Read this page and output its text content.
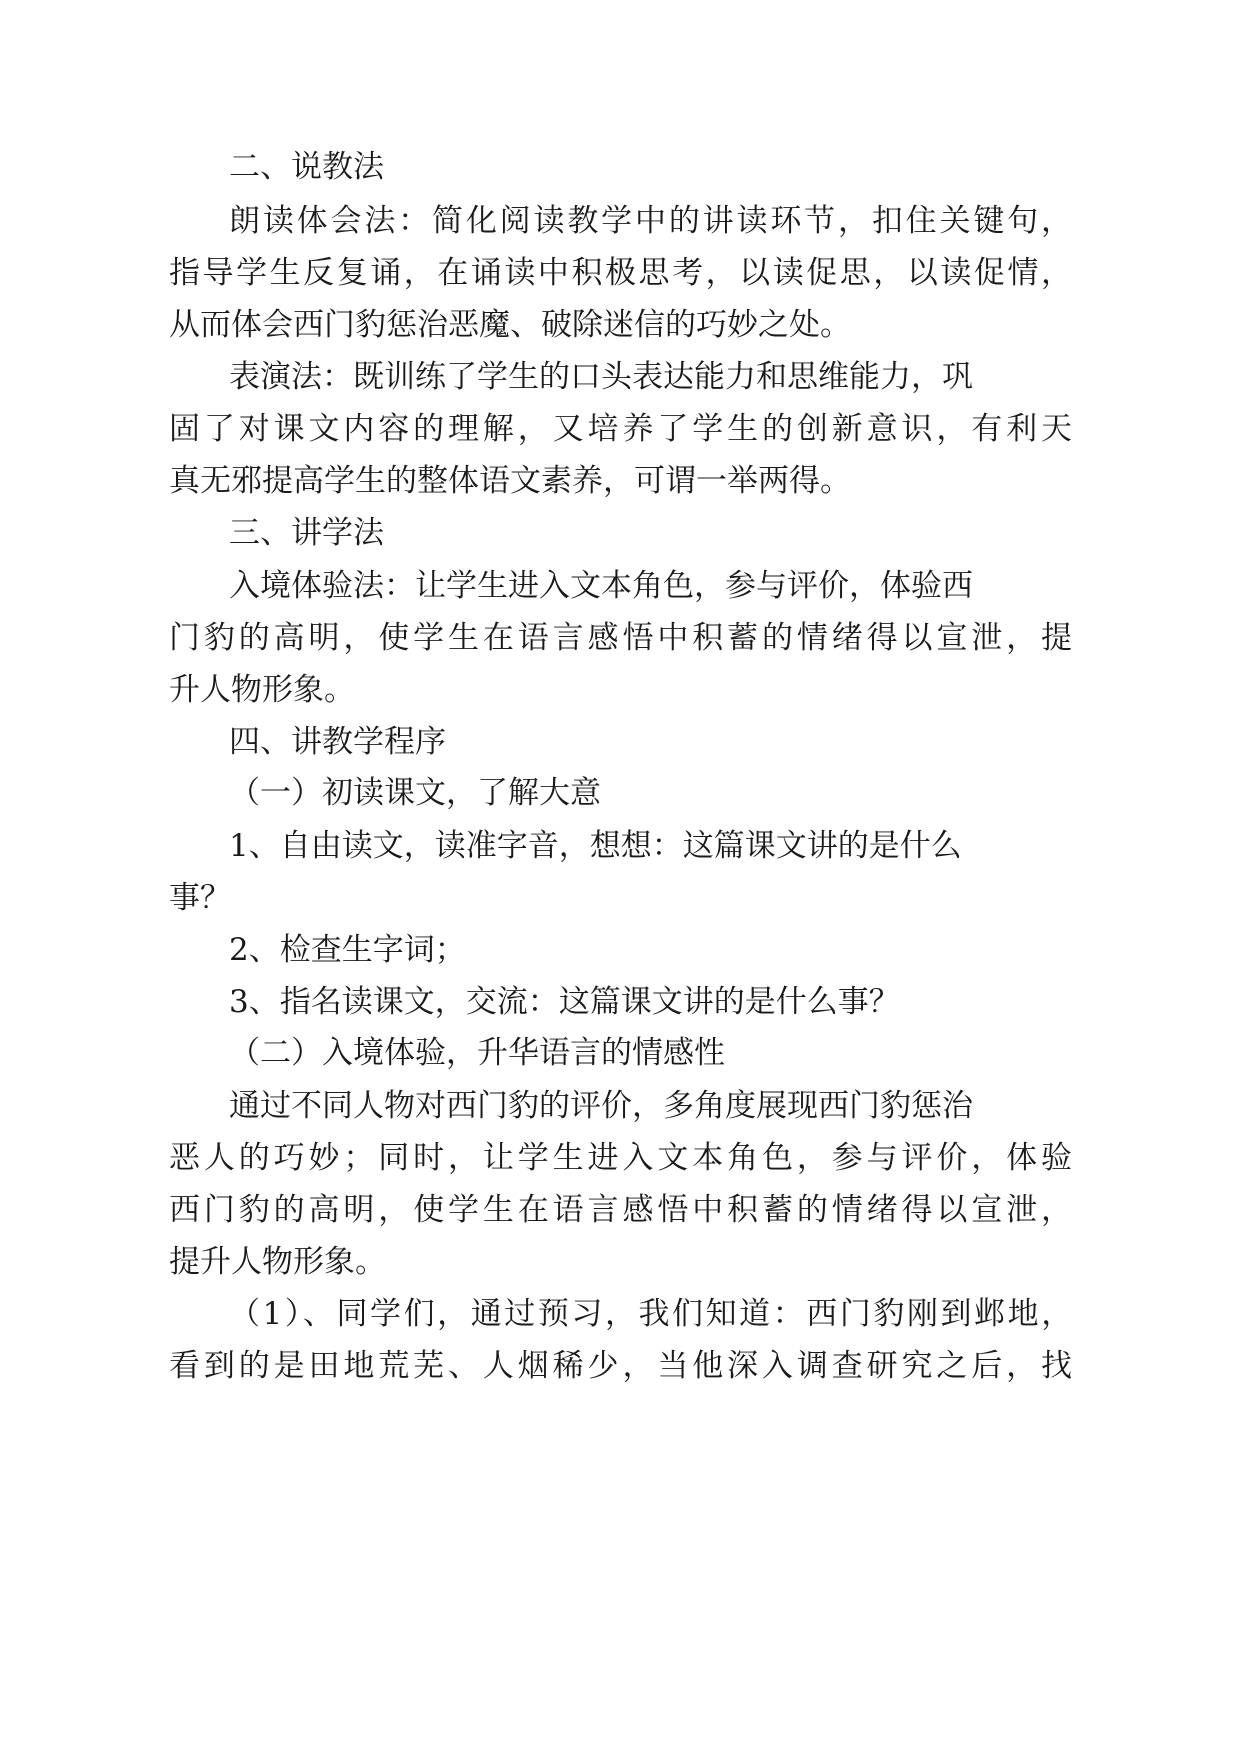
二、说教法
朗读体会法：简化阅读教学中的讲读环节，扣住关键句，
指导学生反复诵，在诵读中积极思考，以读促思，以读促情，
从而体会西门豹惩治恶魔、破除迷信的巧妙之处。
表演法：既训练了学生的口头表达能力和思维能力，巩
固了对课文内容的理解，又培养了学生的创新意识，有利天
真无邪提高学生的整体语文素养，可谓一举两得。
三、讲学法
入境体验法：让学生进入文本角色，参与评价，体验西
门豹的高明，使学生在语言感悟中积蓄的情绪得以宣泄，提
升人物形象。
四、讲教学程序
（一）初读课文，了解大意
1、自由读文，读准字音，想想：这篇课文讲的是什么
事？
2、检查生字词；
3、指名读课文，交流：这篇课文讲的是什么事？
（二）入境体验，升华语言的情感性
通过不同人物对西门豹的评价，多角度展现西门豹惩治
恶人的巧妙；同时，让学生进入文本角色，参与评价，体验
西门豹的高明，使学生在语言感悟中积蓄的情绪得以宣泄，
提升人物形象。
（1）、同学们，通过预习，我们知道：西门豹刚到邺地，
看到的是田地荒芜、人烟稀少，当他深入调查研究之后，找
